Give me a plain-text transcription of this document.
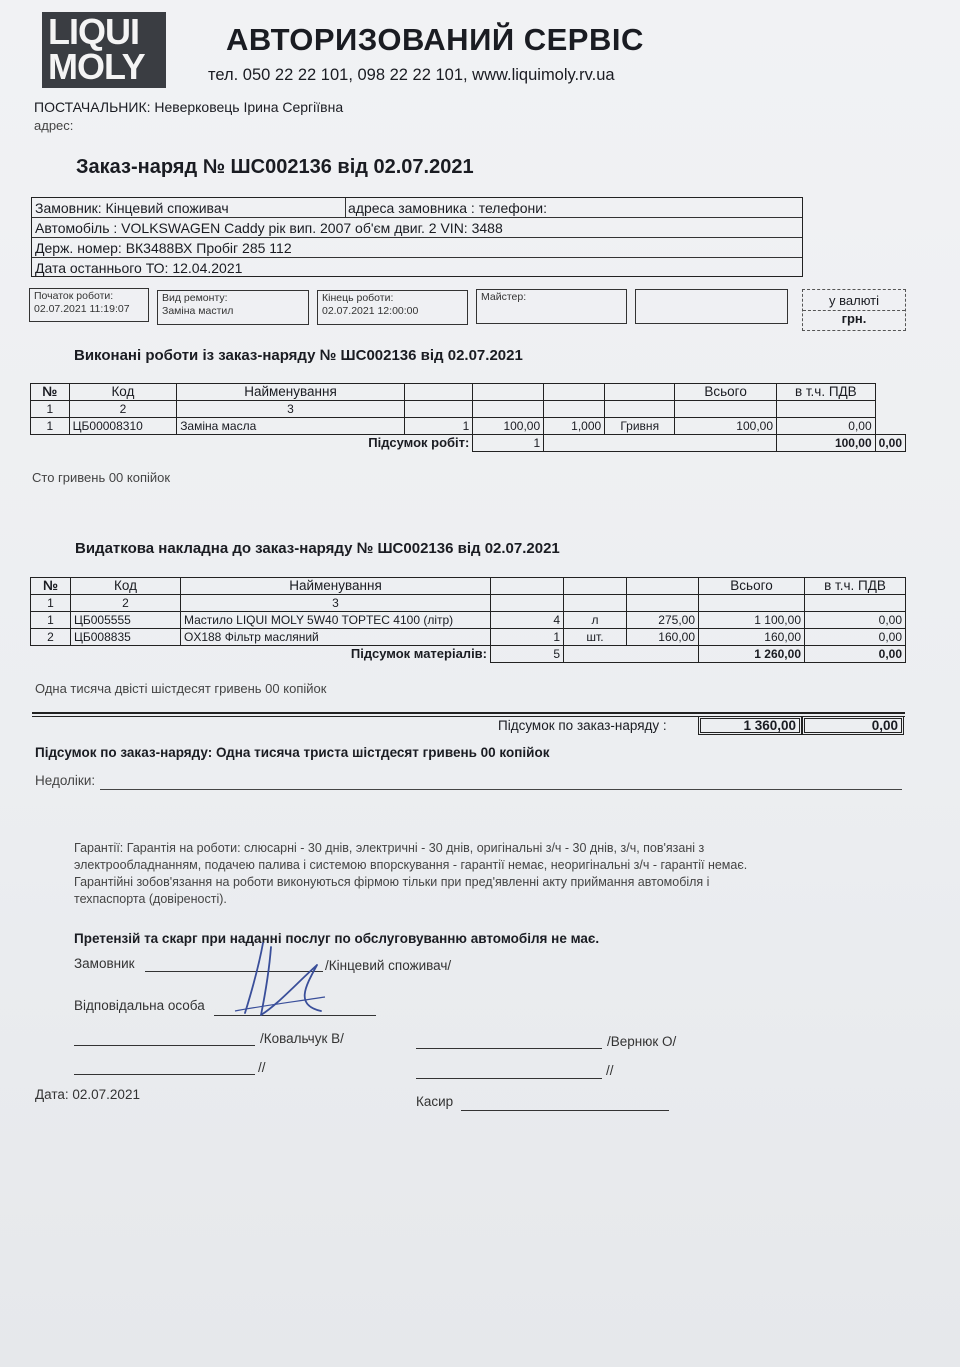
LIQUI
MOLY
АВТОРИЗОВАНИЙ СЕРВІС
тел. 050 22 22 101, 098 22 22 101, www.liquimoly.rv.ua
ПОСТАЧАЛЬНИК: Неверковець Ірина Сергіївна
адрес:
Заказ-наряд № ШС002136 від 02.07.2021
Замовник: Кінцевий споживач	адреса замовника : телефони:
Автомобіль : VOLKSWAGEN Caddy рік вип. 2007 об'єм двиг. 2 VIN: 3488
Держ. номер: ВК3488ВХ Пробіг 285 112
Дата останнього ТО: 12.04.2021
Початок роботи:
02.07.2021 11:19:07
Вид ремонту:
Заміна мастил
Кінець роботи:
02.07.2021 12:00:00
Майстер:	у валюті
грн.
Виконані роботи із заказ-наряду № ШС002136 від 02.07.2021
№	Код	Найменування					Всього	в т.ч. ПДВ	
1	2	3							
1	ЦБ00008310	Заміна масла	1	100,00	1,000	Гривня	100,00	0,00	
		Підсумок робіт:		1				100,00	0,00
Сто гривень 00 копійок
Видаткова накладна до заказ-наряду № ШС002136 від 02.07.2021
№	Код	Найменування				Всього	в т.ч. ПДВ
1	2	3					
1	ЦБ005555	Мастило LIQUI MOLY 5W40 TOPTEC 4100 (літр)	4	л	275,00	1 100,00	0,00
2	ЦБ008835	OX188 Фільтр масляний	1	шт.	160,00	160,00	0,00
		Підсумок матеріалів:	5			1 260,00	0,00
Одна тисяча двісті шістдесят гривень 00 копійок
Підсумок по заказ-наряду :	1 360,00	0,00
Підсумок по заказ-наряду: Одна тисяча триста шістдесят гривень 00 копійок
Недоліки:
Гарантії: Гарантія на роботи: слюсарні - 30 днів, электричні - 30 днів, оригінальні з/ч - 30 днів, з/ч, пов'язані з
электрообладнанням, подачею палива і системою впорскування - гарантії немає, неоригінальні з/ч - гарантії немає.
Гарантійні зобов'язання на роботи виконуються фірмою тільки при пред'явленні акту приймання автомобіля і
техпаспорта (довіреності).
Претензій та скарг при наданні послуг по обслуговуванню автомобіля не має.
Замовник	/Кінцевий споживач/
Відповідальна особа
/Ковальчук В/	/Вернюк О/
//	//
Дата: 02.07.2021	Касир
